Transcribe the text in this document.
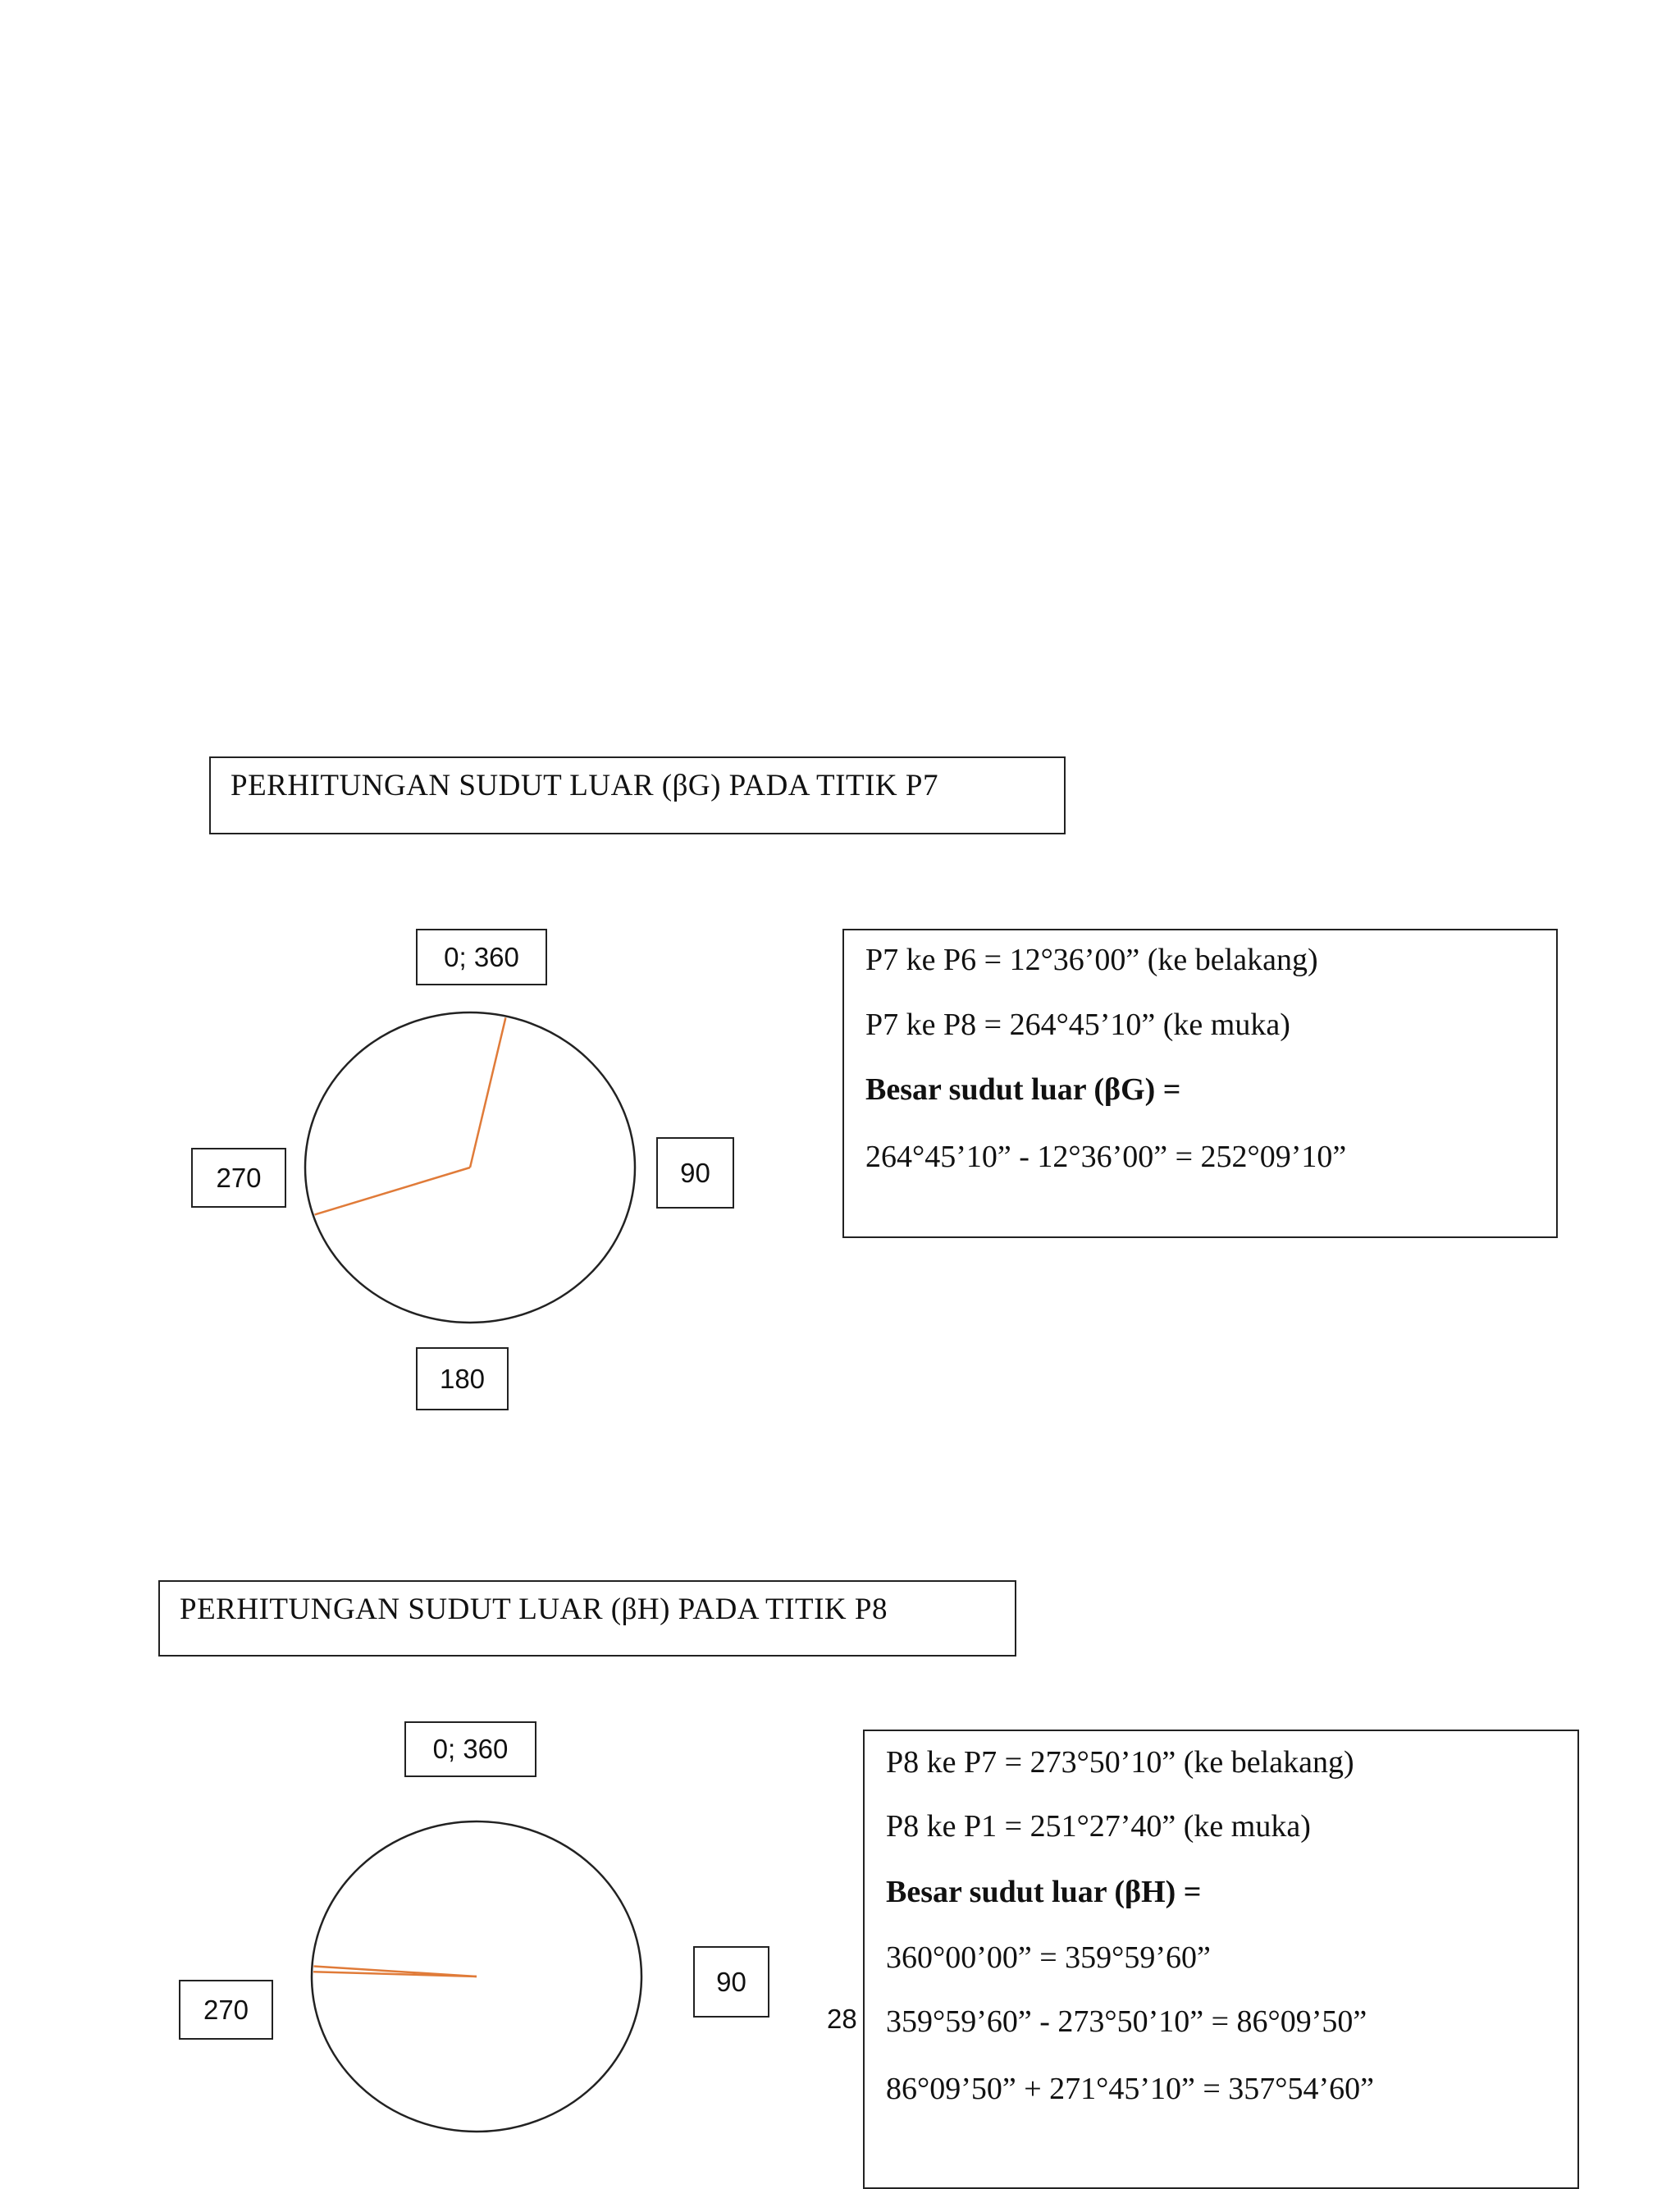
PERHITUNGAN SUDUT LUAR (βG) PADA TITIK P7
0; 360
90
180
270
P7 ke P6 = 12°36’00” (ke belakang)
P7 ke P8 = 264°45’10” (ke muka)
Besar sudut luar (βG) =
264°45’10” - 12°36’00” = 252°09’10”
PERHITUNGAN SUDUT LUAR (βH) PADA TITIK P8
0; 360
90
270
P8 ke P7 = 273°50’10” (ke belakang)
P8 ke P1 = 251°27’40” (ke muka)
Besar sudut luar (βH) =
360°00’00” = 359°59’60”
359°59’60” - 273°50’10” = 86°09’50”
86°09’50” + 271°45’10” = 357°54’60”
28
